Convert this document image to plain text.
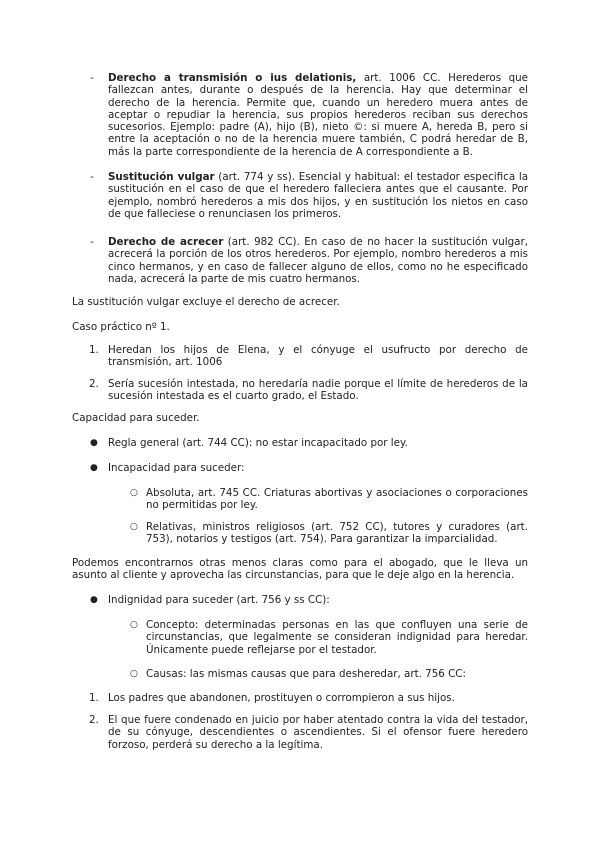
- Derecho a transmisión o ius delationis, art. 1006 CC. Herederos que fallezcan antes, durante o después de la herencia. Hay que determinar el derecho de la herencia. Permite que, cuando un heredero muera antes de aceptar o repudiar la herencia, sus propios herederos reciban sus derechos sucesorios. Ejemplo: padre (A), hijo (B), nieto ©: si muere A, hereda B, pero si entre la aceptación o no de la herencia muere también, C podrá heredar de B, más la parte correspondiente de la herencia de A correspondiente a B.

- Sustitución vulgar (art. 774 y ss). Esencial y habitual: el testador especifica la sustitución en el caso de que el heredero falleciera antes que el causante. Por ejemplo, nombró herederos a mis dos hijos, y en sustitución los nietos en caso de que falleciese o renunciasen los primeros.

- Derecho de acrecer (art. 982 CC). En caso de no hacer la sustitución vulgar, acrecerá la porción de los otros herederos. Por ejemplo, nombro herederos a mis cinco hermanos, y en caso de fallecer alguno de ellos, como no he especificado nada, acrecerá la parte de mis cuatro hermanos.

La sustitución vulgar excluye el derecho de acrecer.

Caso práctico nº 1.

1. Heredan los hijos de Elena, y el cónyuge el usufructo por derecho de transmisión, art. 1006

2. Sería sucesión intestada, no heredaría nadie porque el límite de herederos de la sucesión intestada es el cuarto grado, el Estado.

Capacidad para suceder.

● Regla general (art. 744 CC): no estar incapacitado por ley.

● Incapacidad para suceder:

○ Absoluta, art. 745 CC. Criaturas abortivas y asociaciones o corporaciones no permitidas por ley.

○ Relativas, ministros religiosos (art. 752 CC), tutores y curadores (art. 753), notarios y testigos (art. 754). Para garantizar la imparcialidad.

Podemos encontrarnos otras menos claras como para el abogado, que le lleva un asunto al cliente y aprovecha las circunstancias, para que le deje algo en la herencia.

● Indignidad para suceder (art. 756 y ss CC):

○ Concepto: determinadas personas en las que confluyen una serie de circunstancias, que legalmente se consideran indignidad para heredar. Únicamente puede reflejarse por el testador.

○ Causas: las mismas causas que para desheredar, art. 756 CC:

1. Los padres que abandonen, prostituyen o corrompieron a sus hijos.

2. El que fuere condenado en juicio por haber atentado contra la vida del testador, de su cónyuge, descendientes o ascendientes. Si el ofensor fuere heredero forzoso, perderá su derecho a la legítima.
